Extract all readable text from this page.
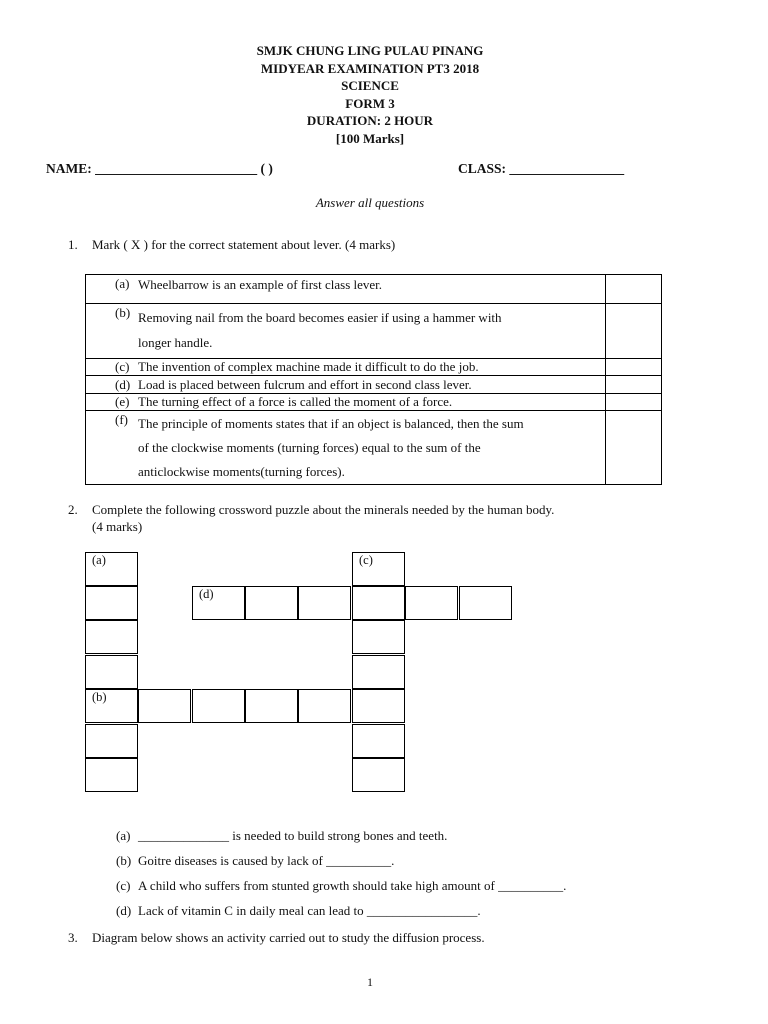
SMJK CHUNG LING PULAU PINANG
MIDYEAR EXAMINATION PT3 2018
SCIENCE
FORM 3
DURATION: 2 HOUR
[100 Marks]
NAME: ________________________ ( )	CLASS: _________________
Answer all questions
1. Mark ( X ) for the correct statement about lever. (4 marks)
(a) Wheelbarrow is an example of first class lever.	

(b) Removing nail from the board becomes easier if using a hammer with
longer handle.	

(c) The invention of complex machine made it difficult to do the job.	

(d) Load is placed between fulcrum and effort in second class lever.	

(e) The turning effect of a force is called the moment of a force.	

(f) The principle of moments states that if an object is balanced, then the sum
of the clockwise moments (turning forces) equal to the sum of the
anticlockwise moments(turning forces).	

2. Complete the following crossword puzzle about the minerals needed by the human body.
(4 marks)
(a)
(b)
(c)
(d)
(a) ______________ is needed to build strong bones and teeth.
(b) Goitre diseases is caused by lack of __________.
(c) A child who suffers from stunted growth should take high amount of __________.
(d) Lack of vitamin C in daily meal can lead to _________________.
3. Diagram below shows an activity carried out to study the diffusion process.
1
